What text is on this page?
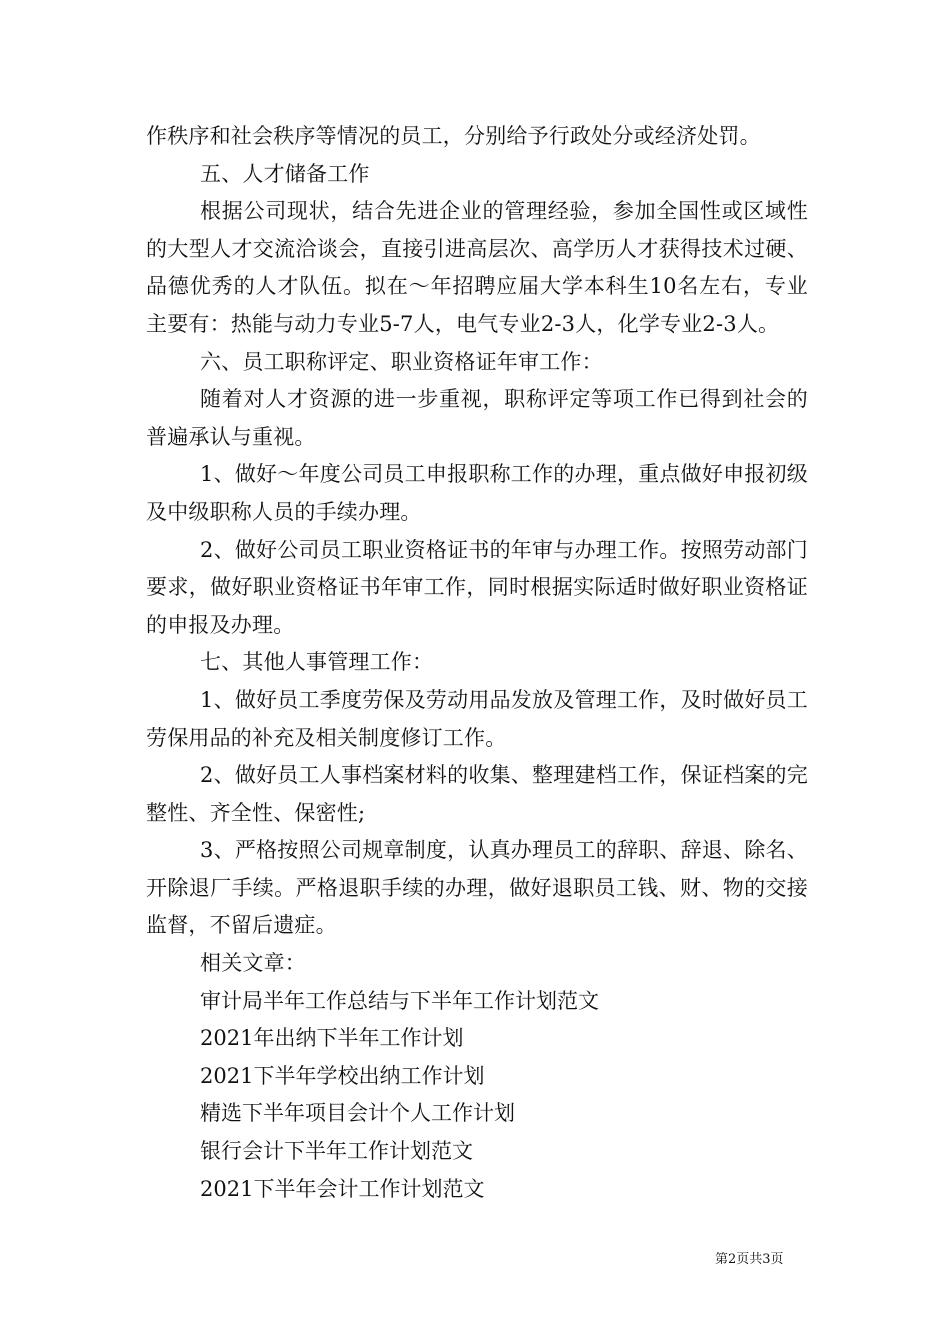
作秩序和社会秩序等情况的员工，分别给予行政处分或经济处罚。

五、人才储备工作

根据公司现状，结合先进企业的管理经验，参加全国性或区域性的大型人才交流洽谈会，直接引进高层次、高学历人才获得技术过硬、品德优秀的人才队伍。拟在～年招聘应届大学本科生10名左右，专业主要有：热能与动力专业5-7人，电气专业2-3人，化学专业2-3人。

六、员工职称评定、职业资格证年审工作：

随着对人才资源的进一步重视，职称评定等项工作已得到社会的普遍承认与重视。

1、做好～年度公司员工申报职称工作的办理，重点做好申报初级及中级职称人员的手续办理。

2、做好公司员工职业资格证书的年审与办理工作。按照劳动部门要求，做好职业资格证书年审工作，同时根据实际适时做好职业资格证的申报及办理。

七、其他人事管理工作：

1、做好员工季度劳保及劳动用品发放及管理工作，及时做好员工劳保用品的补充及相关制度修订工作。

2、做好员工人事档案材料的收集、整理建档工作，保证档案的完整性、齐全性、保密性;

3、严格按照公司规章制度，认真办理员工的辞职、辞退、除名、开除退厂手续。严格退职手续的办理，做好退职员工钱、财、物的交接监督，不留后遗症。

相关文章：

审计局半年工作总结与下半年工作计划范文
2021年出纳下半年工作计划
2021下半年学校出纳工作计划
精选下半年项目会计个人工作计划
银行会计下半年工作计划范文
2021下半年会计工作计划范文
第2页共3页
